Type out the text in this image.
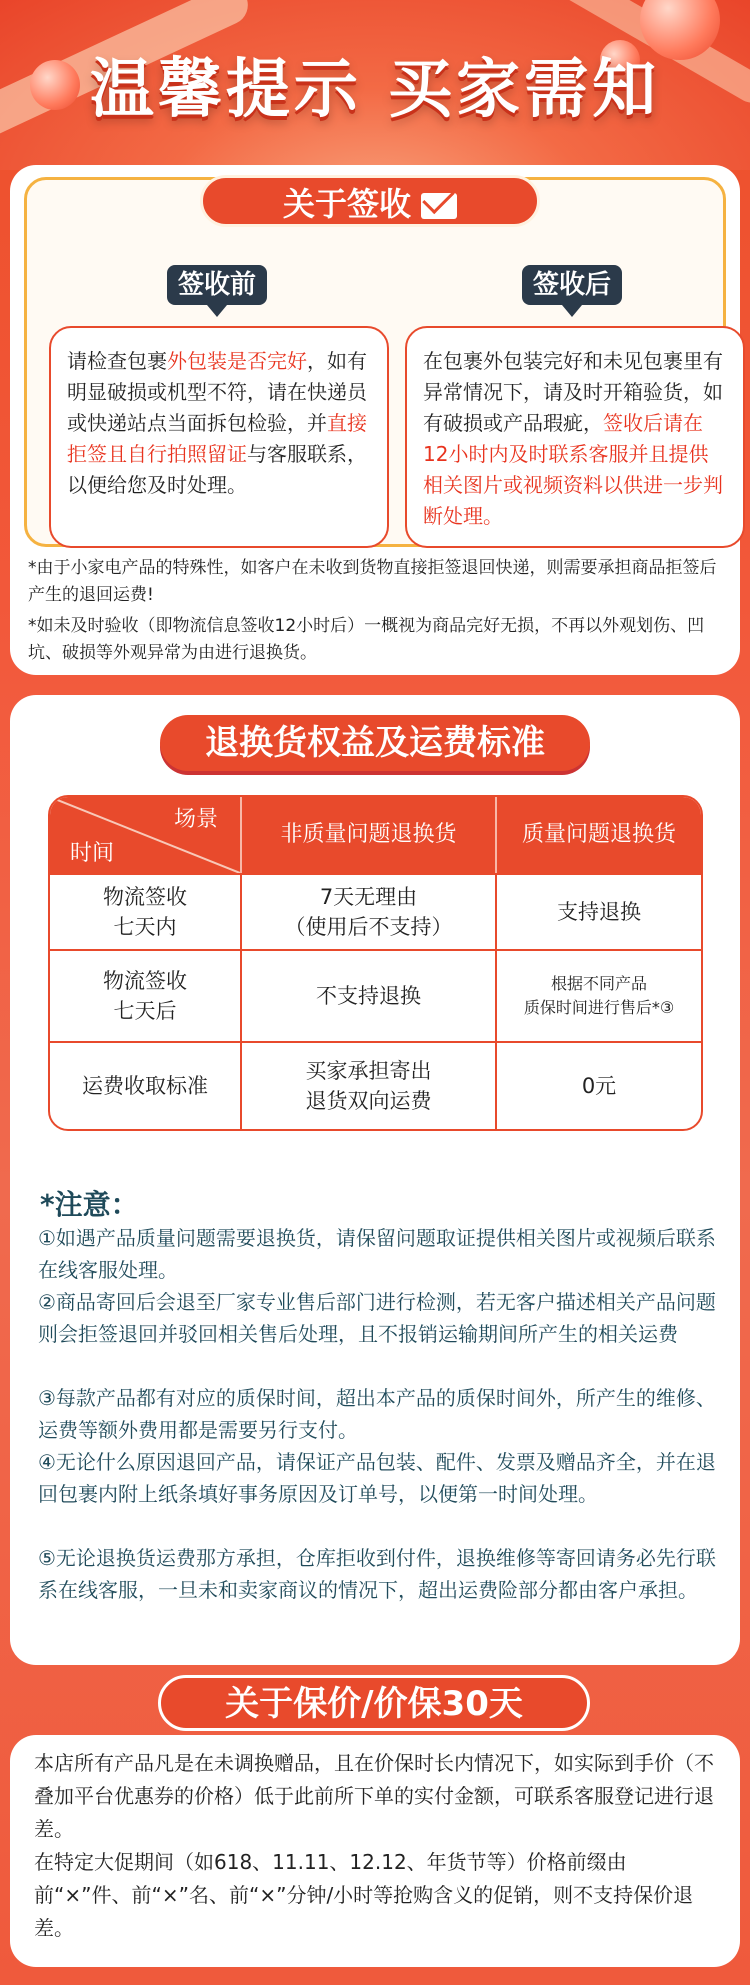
温馨提示 买家需知
签收前	签收后
请检查包裹外包装是否完好，如有明显破损或机型不符，请在快递员或快递站点当面拆包检验，并直接拒签且自行拍照留证与客服联系，以便给您及时处理。
在包裹外包装完好和未见包裹里有异常情况下，请及时开箱验货，如有破损或产品瑕疵，签收后请在12小时内及时联系客服并且提供相关图片或视频资料以供进一步判断处理。
*由于小家电产品的特殊性，如客户在未收到货物直接拒签退回快递，则需要承担商品拒签后产生的退回运费!
*如未及时验收（即物流信息签收12小时后）一概视为商品完好无损，不再以外观划伤、凹坑、破损等外观异常为由进行退换货。
关于签收
退换货权益及运费标准
场景
时间
非质量问题退换货	质量问题退换货
物流签收
七天内
7天无理由
（使用后不支持）
支持退换
物流签收
七天后
不支持退换
根据不同产品
质保时间进行售后*③
运费收取标准
买家承担寄出
退货双向运费
0元
*注意：
①如遇产品质量问题需要退换货，请保留问题取证提供相关图片或视频后联系在线客服处理。
②商品寄回后会退至厂家专业售后部门进行检测，若无客户描述相关产品问题则会拒签退回并驳回相关售后处理，且不报销运输期间所产生的相关运费
③每款产品都有对应的质保时间，超出本产品的质保时间外，所产生的维修、运费等额外费用都是需要另行支付。
④无论什么原因退回产品，请保证产品包装、配件、发票及赠品齐全，并在退回包裹内附上纸条填好事务原因及订单号，以便第一时间处理。
⑤无论退换货运费那方承担，仓库拒收到付件，退换维修等寄回请务必先行联系在线客服，一旦未和卖家商议的情况下，超出运费险部分都由客户承担。
关于保价/价保30天

本店所有产品凡是在未调换赠品，且在价保时长内情况下，如实际到手价（不叠加平台优惠券的价格）低于此前所下单的实付金额，可联系客服登记进行退差。

在特定大促期间（如618、11.11、12.12、年货节等）价格前缀由前“×”件、前“×”名、前“×”分钟/小时等抢购含义的促销，则不支持保价退差。
